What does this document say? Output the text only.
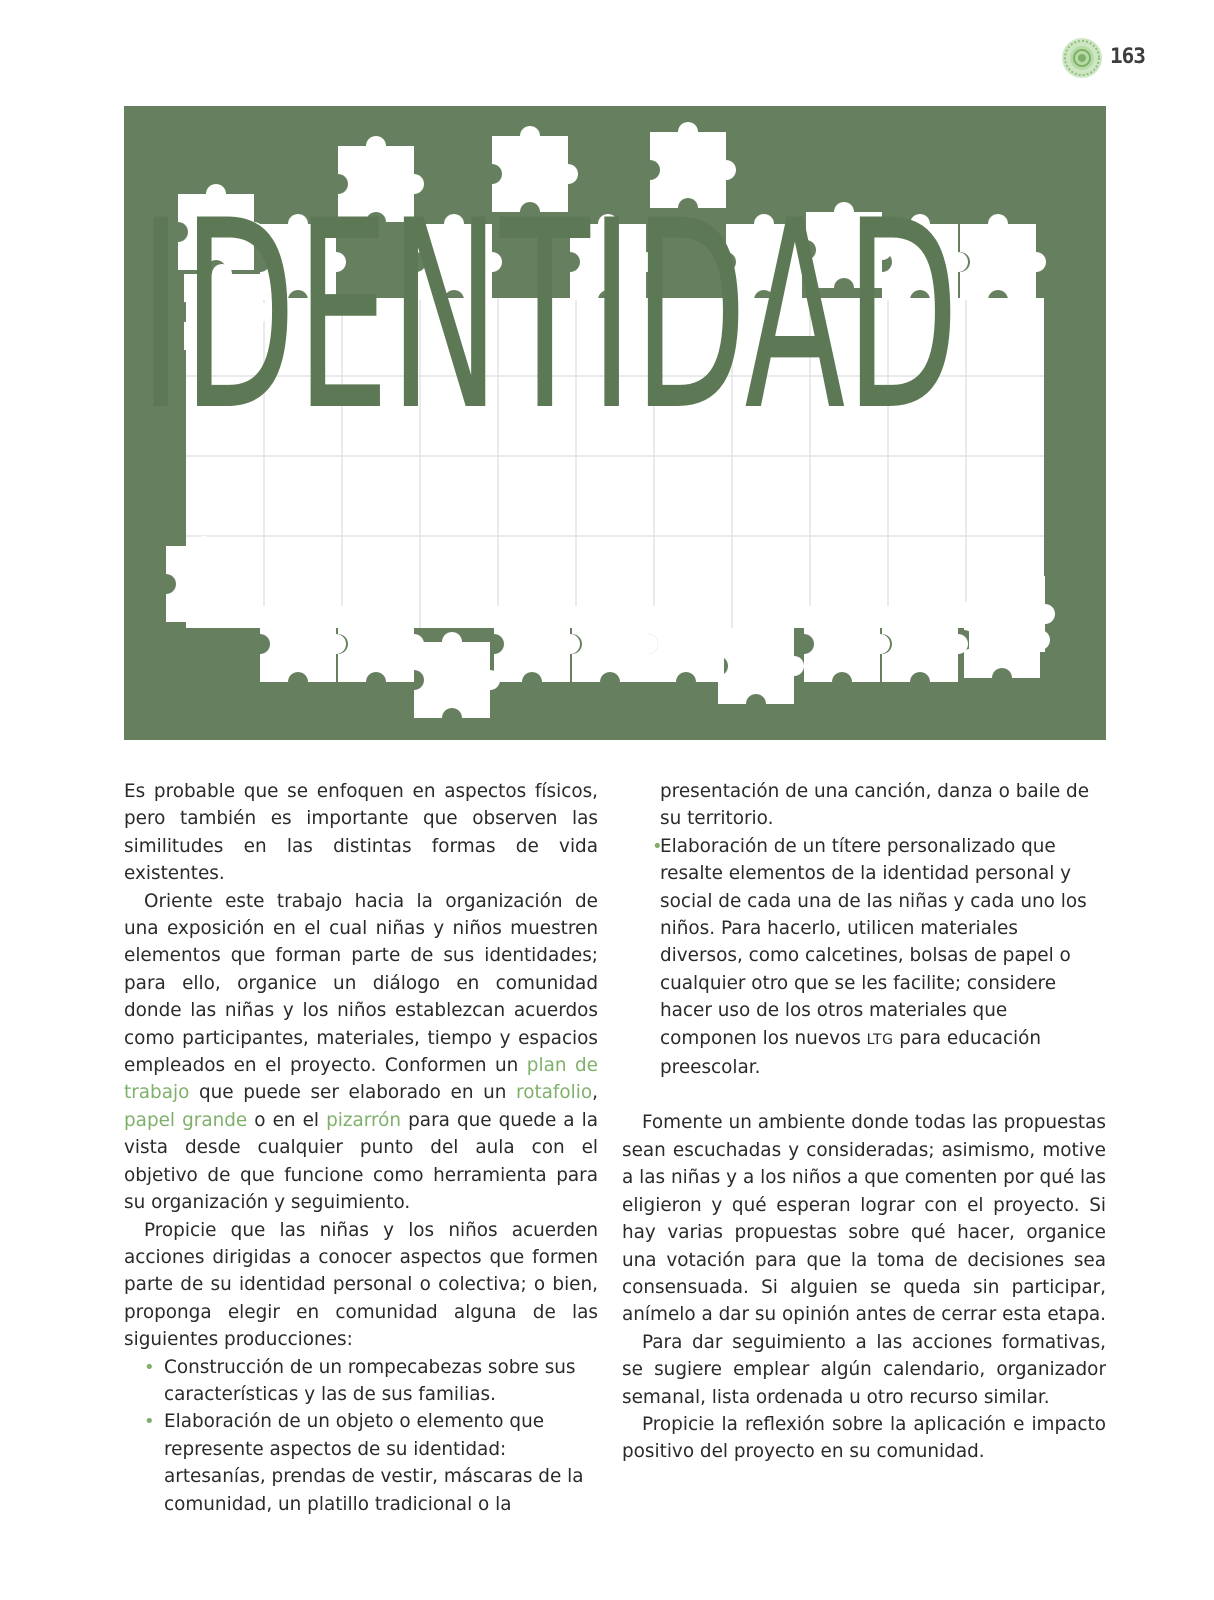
163
IDENTIDAD

Es probable que se enfoquen en aspectos físicos, pero también es importante que observen las similitudes en las distintas formas de vida existentes.

Oriente este trabajo hacia la organización de una exposición en el cual niñas y niños muestren elementos que forman parte de sus identidades; para ello, organice un diálogo en comunidad donde las niñas y los niños establezcan acuerdos como participantes, materiales, tiempo y espacios empleados en el proyecto. Conformen un plan de trabajo que puede ser elaborado en un rotafolio, papel grande o en el pizarrón para que quede a la vista desde cualquier punto del aula con el objetivo de que funcione como herramienta para su organización y seguimiento.

Propicie que las niñas y los niños acuerden acciones dirigidas a conocer aspectos que formen parte de su identidad personal o colectiva; o bien, proponga elegir en comunidad alguna de las siguientes producciones:

• Construcción de un rompecabezas sobre sus características y las de sus familias.
• Elaboración de un objeto o elemento que represente aspectos de su identidad: artesanías, prendas de vestir, máscaras de la comunidad, un platillo tradicional o la

presentación de una canción, danza o baile de su territorio.

• Elaboración de un títere personalizado que resalte elementos de la identidad personal y social de cada una de las niñas y cada uno los niños. Para hacerlo, utilicen materiales diversos, como calcetines, bolsas de papel o cualquier otro que se les facilite; considere hacer uso de los otros materiales que componen los nuevos LTG para educación preescolar.

Fomente un ambiente donde todas las propuestas sean escuchadas y consideradas; asimismo, motive a las niñas y a los niños a que comenten por qué las eligieron y qué esperan lograr con el proyecto. Si hay varias propuestas sobre qué hacer, organice una votación para que la toma de decisiones sea consensuada. Si alguien se queda sin participar, anímelo a dar su opinión antes de cerrar esta etapa.

Para dar seguimiento a las acciones formativas, se sugiere emplear algún calendario, organizador semanal, lista ordenada u otro recurso similar.

Propicie la reflexión sobre la aplicación e impacto positivo del proyecto en su comunidad.
